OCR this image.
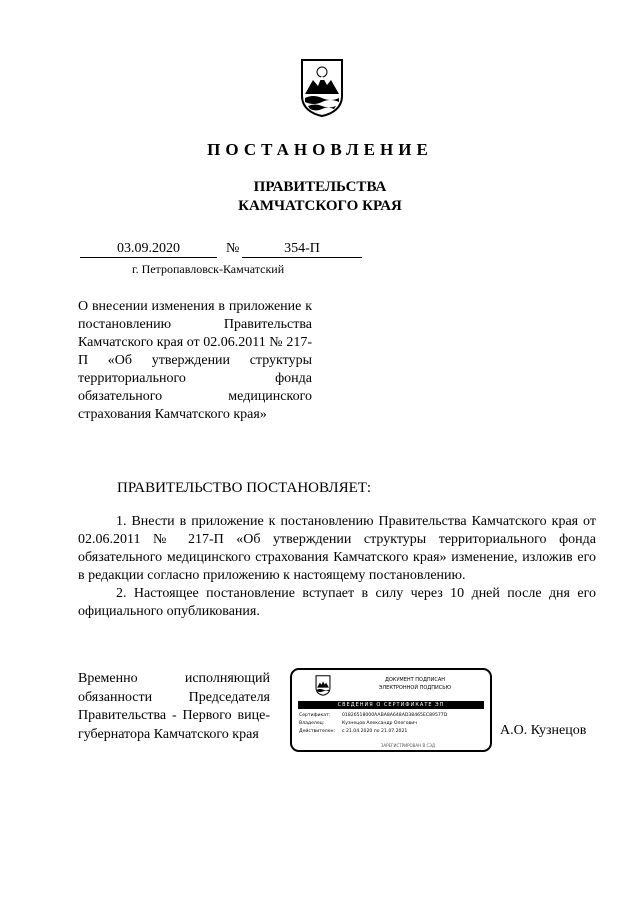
ПОСТАНОВЛЕНИЕ
ПРАВИТЕЛЬСТВА
КАМЧАТСКОГО КРАЯ
03.09.2020	№	354-П
г. Петропавловск-Камчатский
О внесении изменения в приложение к постановлению Правительства Камчатского края от 02.06.2011 № 217-П «Об утверждении структуры территориального фонда обязательного медицинского страхования Камчатского края»
ПРАВИТЕЛЬСТВО ПОСТАНОВЛЯЕТ:

1. Внести в приложение к постановлению Правительства Камчатского края от 02.06.2011 № 217-П «Об утверждении структуры территориального фонда обязательного медицинского страхования Камчатского края» изменение, изложив его в редакции согласно приложению к настоящему постановлению.

2. Настоящее постановление вступает в силу через 10 дней после дня его официального опубликования.

Временно исполняющий
обязанности Председателя
Правительства - Первого вице-
губернатора Камчатского края
ДОКУМЕНТ ПОДПИСАН
ЭЛЕКТРОННОЙ ПОДПИСЬЮ
СВЕДЕНИЯ О СЕРТИФИКАТЕ ЭП
Сертификат:	01826518000AABA8A648AD38465EC89577D
Владелец:	Кузнецов Александр Олегович
Действителен:	с 21.04.2020 по 21.07.2021
ЗАРЕГИСТРИРОВАН В СЭД
А.О. Кузнецов
